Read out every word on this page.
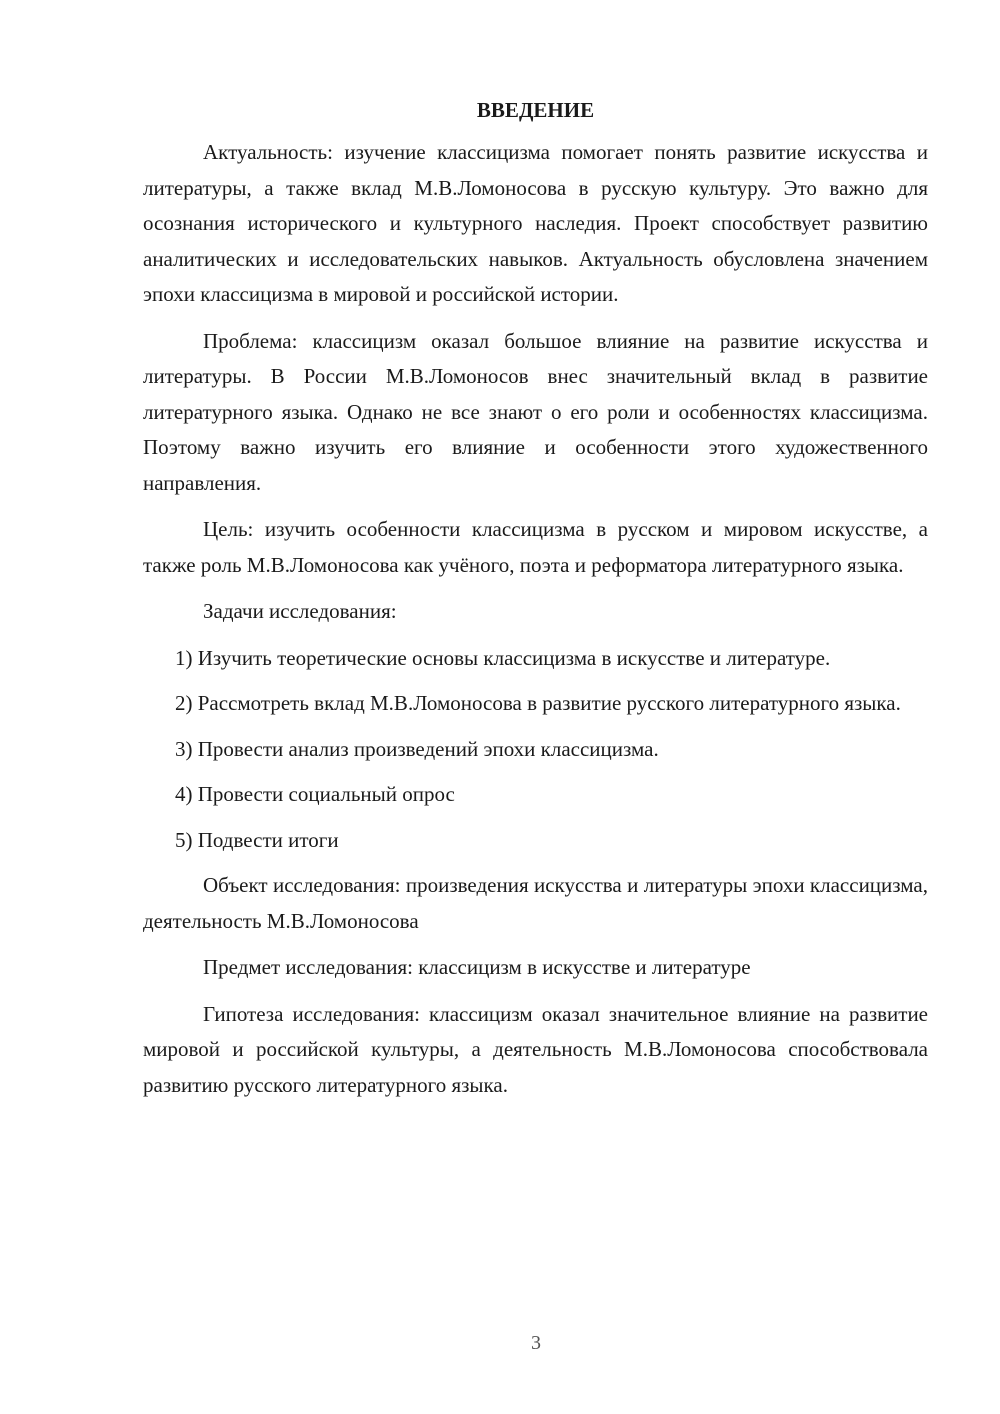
ВВЕДЕНИЕ

Актуальность: изучение классицизма помогает понять развитие искусства и литературы, а также вклад М.В.Ломоносова в русскую культуру. Это важно для осознания исторического и культурного наследия. Проект способствует развитию аналитических и исследовательских навыков. Актуальность обусловлена значением эпохи классицизма в мировой и российской истории.

Проблема: классицизм оказал большое влияние на развитие искусства и литературы. В России М.В.Ломоносов внес значительный вклад в развитие литературного языка. Однако не все знают о его роли и особенностях классицизма. Поэтому важно изучить его влияние и особенности этого художественного направления.

Цель: изучить особенности классицизма в русском и мировом искусстве, а также роль М.В.Ломоносова как учёного, поэта и реформатора литературного языка.

Задачи исследования:

1) Изучить теоретические основы классицизма в искусстве и литературе.

2) Рассмотреть вклад М.В.Ломоносова в развитие русского литературного языка.

3) Провести анализ произведений эпохи классицизма.

4) Провести социальный опрос

5) Подвести итоги

Объект исследования: произведения искусства и литературы эпохи классицизма, деятельность М.В.Ломоносова

Предмет исследования: классицизм в искусстве и литературе

Гипотеза исследования: классицизм оказал значительное влияние на развитие мировой и российской культуры, а деятельность М.В.Ломоносова способствовала развитию русского литературного языка.

3
